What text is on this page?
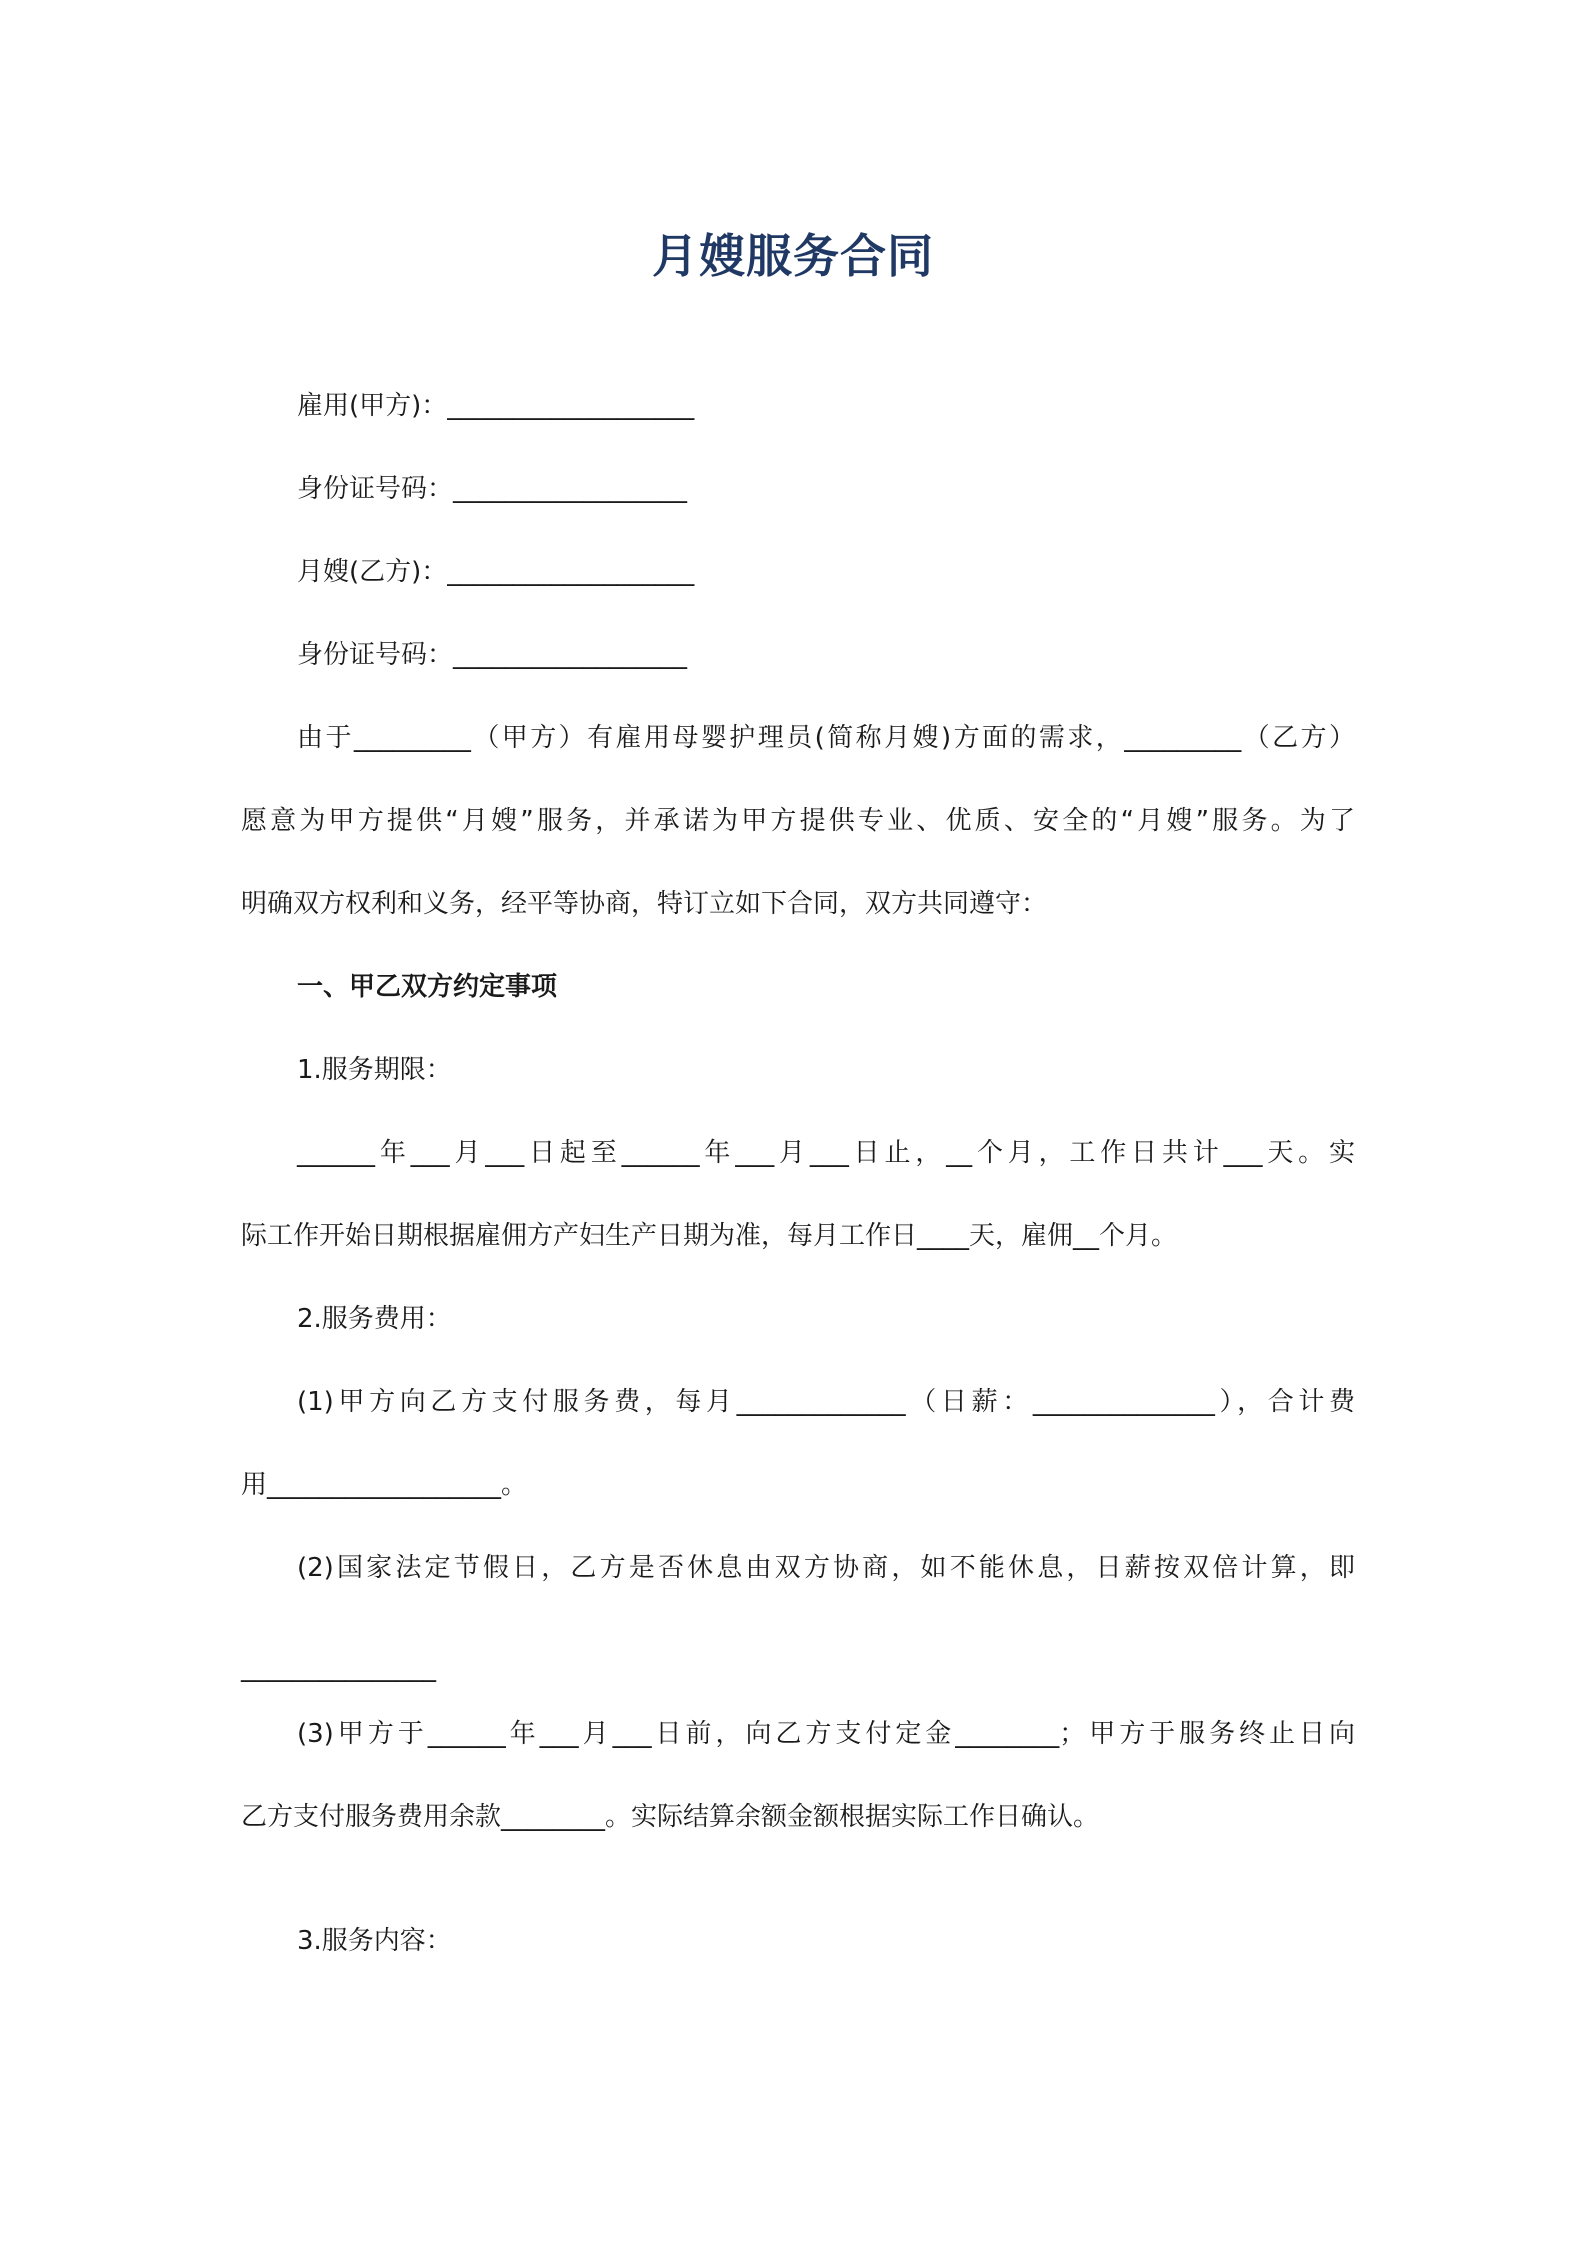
月嫂服务合同
雇用(甲方)：___________________
身份证号码：__________________
月嫂(乙方)：___________________
身份证号码：__________________
由于_________（甲方）有雇用母婴护理员(简称月嫂)方面的需求，_________（乙方）
愿意为甲方提供“月嫂”服务，并承诺为甲方提供专业、优质、安全的“月嫂”服务。为了
明确双方权利和义务，经平等协商，特订立如下合同，双方共同遵守：
一、甲乙双方约定事项
1.服务期限：
______年___月___日起至______年___月___日止，__个月，工作日共计___天。实
际工作开始日期根据雇佣方产妇生产日期为准，每月工作日____天，雇佣__个月。
2.服务费用：
(1)甲方向乙方支付服务费，每月_____________（日薪：______________），合计费
用__________________。
(2)国家法定节假日，乙方是否休息由双方协商，如不能休息，日薪按双倍计算，即
_______________
(3)甲方于______年___月___日前，向乙方支付定金________；甲方于服务终止日向
乙方支付服务费用余款________。实际结算余额金额根据实际工作日确认。
3.服务内容：
